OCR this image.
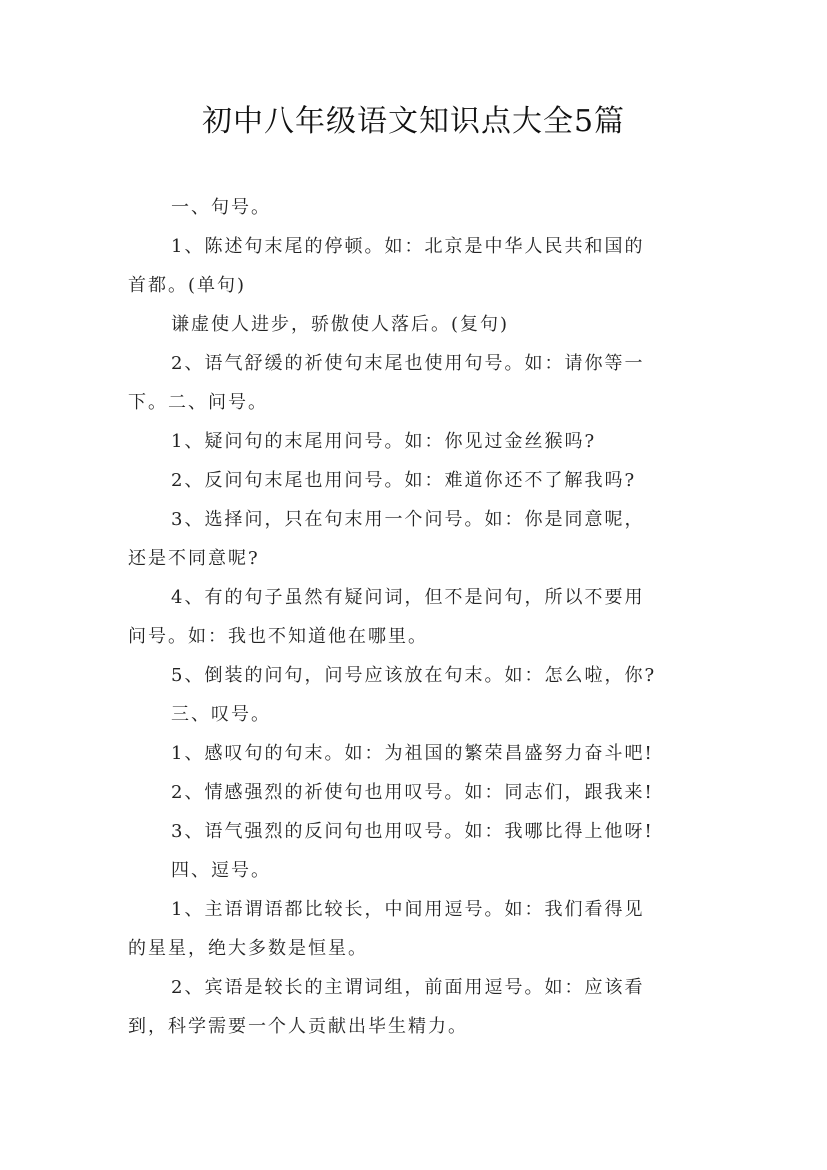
初中八年级语文知识点大全5篇
一、句号。
1、陈述句末尾的停顿。如：北京是中华人民共和国的
首都。(单句)
谦虚使人进步，骄傲使人落后。(复句)
2、语气舒缓的祈使句末尾也使用句号。如：请你等一
下。二、问号。
1、疑问句的末尾用问号。如：你见过金丝猴吗?
2、反问句末尾也用问号。如：难道你还不了解我吗?
3、选择问，只在句末用一个问号。如：你是同意呢，
还是不同意呢?
4、有的句子虽然有疑问词，但不是问句，所以不要用
问号。如：我也不知道他在哪里。
5、倒装的问句，问号应该放在句末。如：怎么啦，你?
三、叹号。
1、感叹句的句末。如：为祖国的繁荣昌盛努力奋斗吧!
2、情感强烈的祈使句也用叹号。如：同志们，跟我来!
3、语气强烈的反问句也用叹号。如：我哪比得上他呀!
四、逗号。
1、主语谓语都比较长，中间用逗号。如：我们看得见
的星星，绝大多数是恒星。
2、宾语是较长的主谓词组，前面用逗号。如：应该看
到，科学需要一个人贡献出毕生精力。
